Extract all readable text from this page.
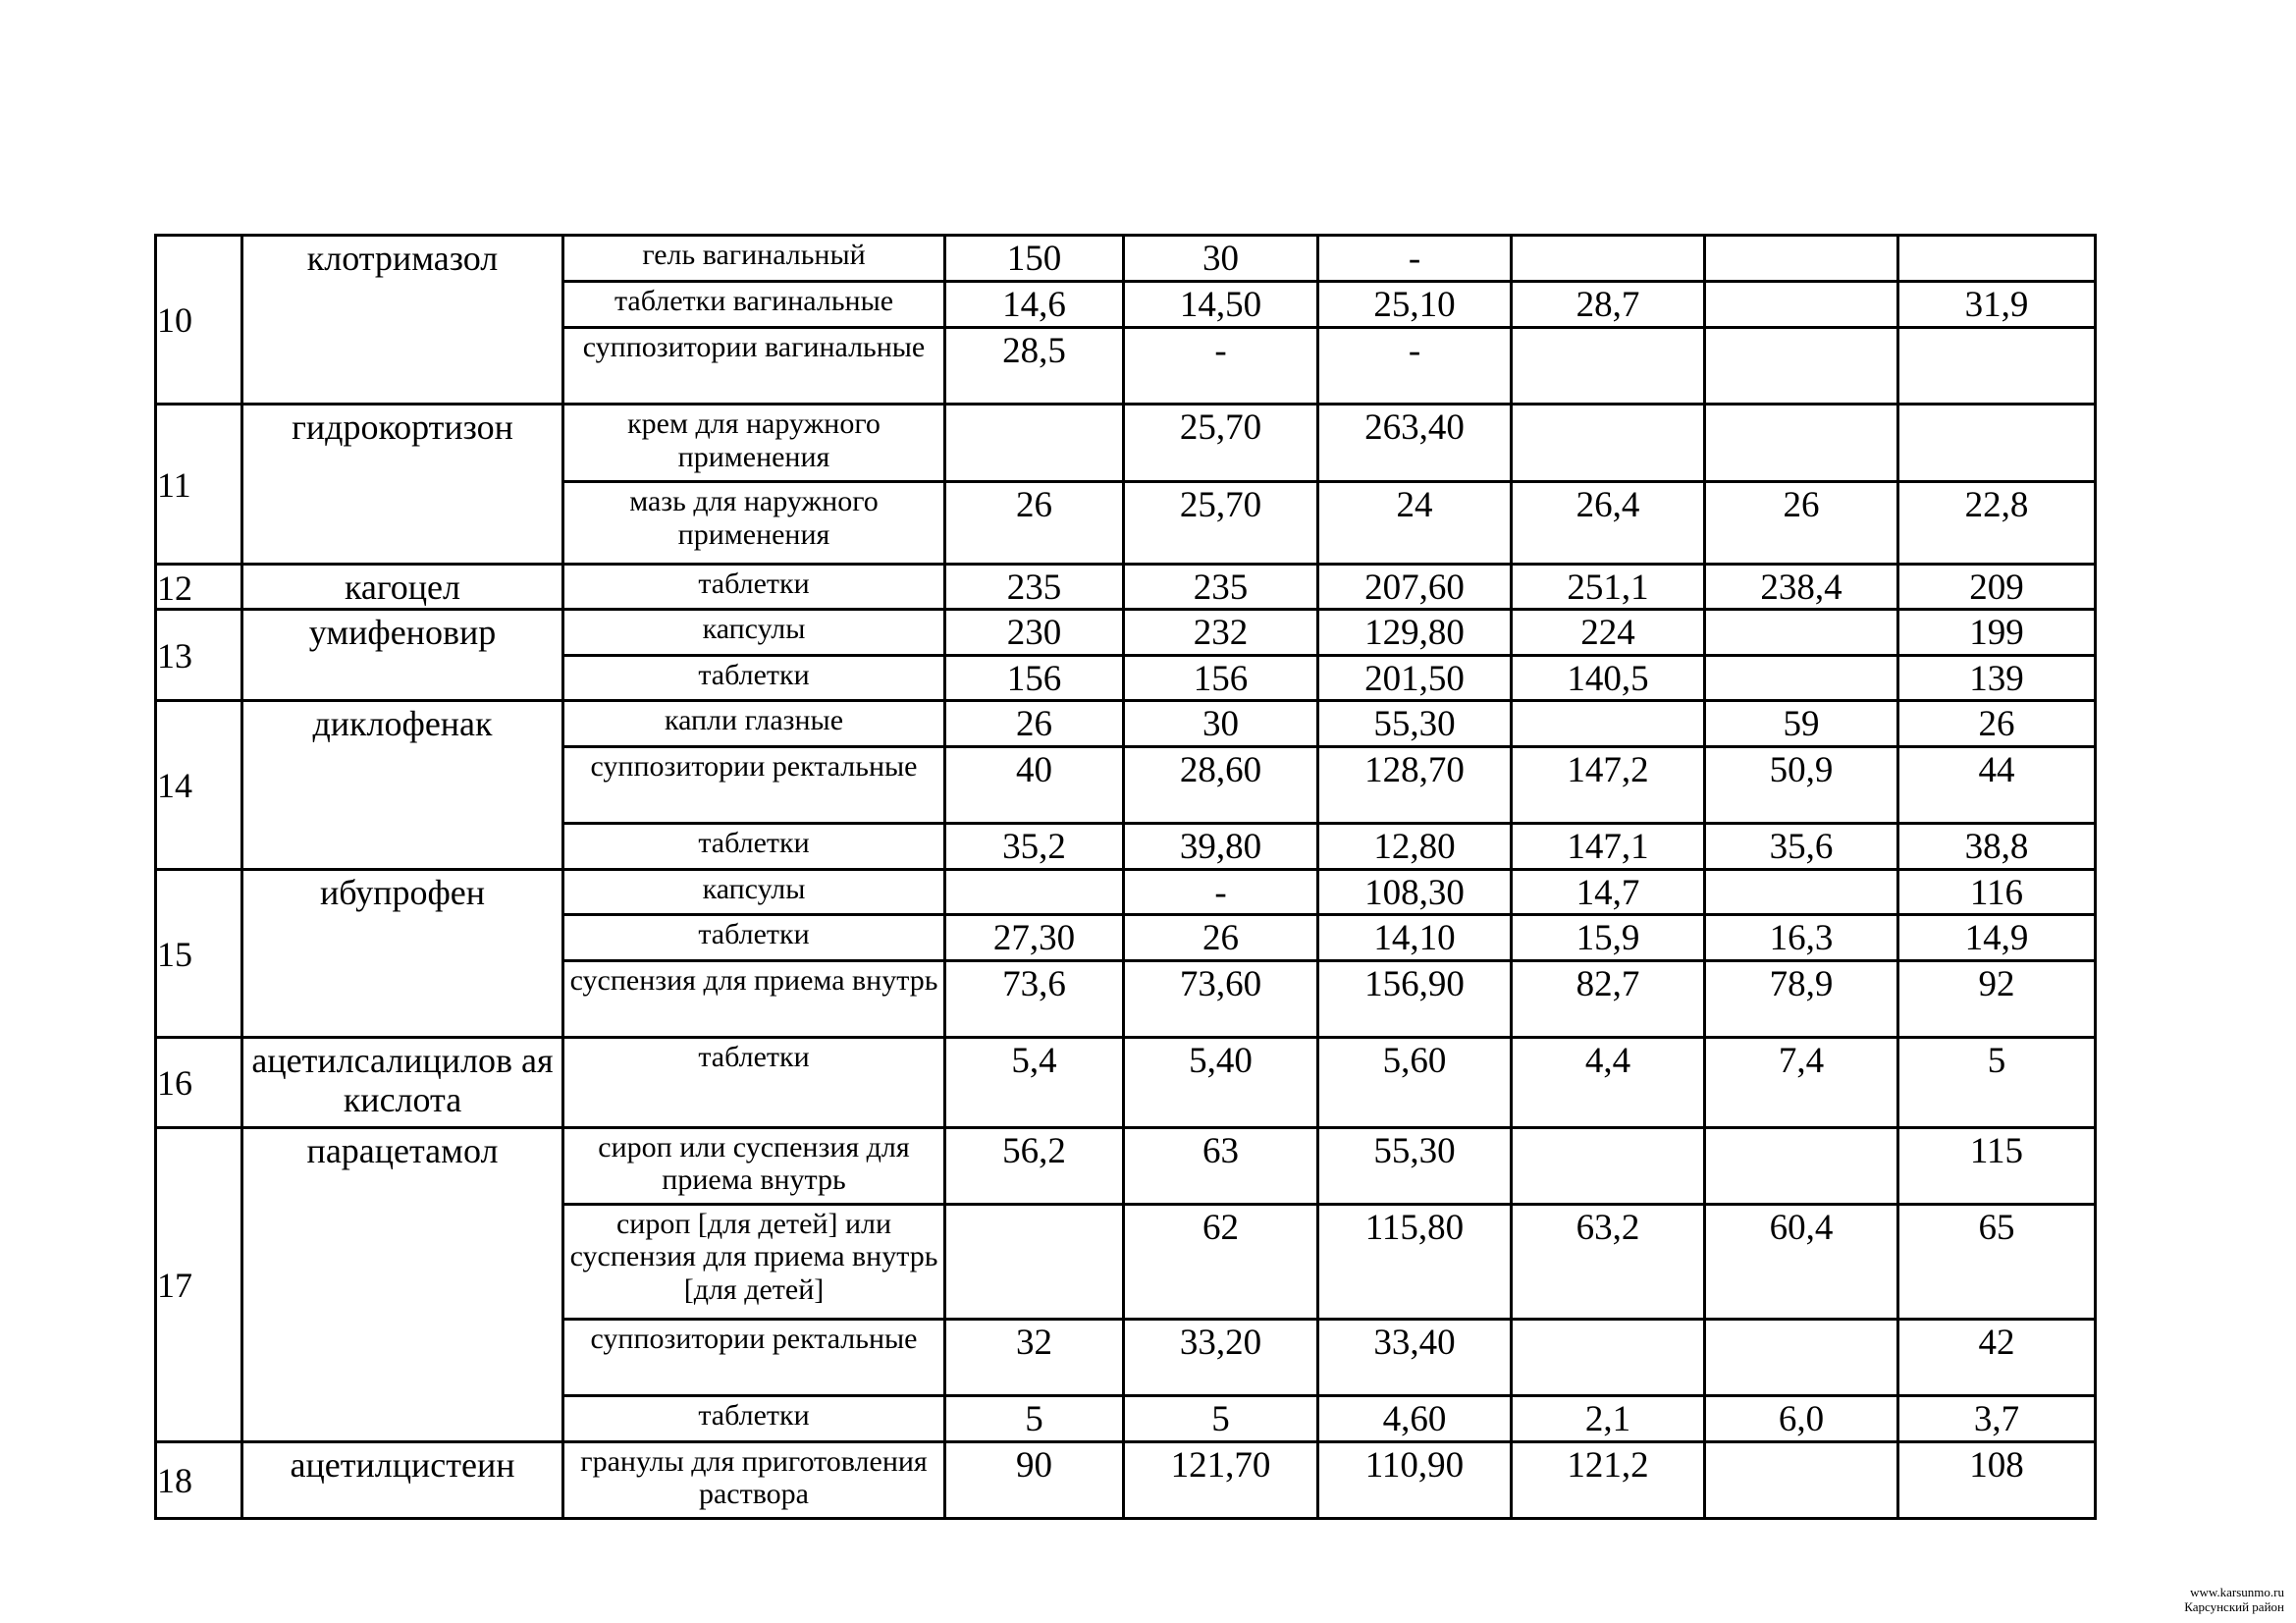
10	клотримазол	гель вагинальный	150	30	-			
		таблетки вагинальные	14,6	14,50	25,10	28,7		31,9
		суппозитории вагинальные	28,5	-	-			
11	гидрокортизон	крем для наружного применения		25,70	263,40			
		мазь для наружного применения	26	25,70	24	26,4	26	22,8
12	кагоцел	таблетки	235	235	207,60	251,1	238,4	209
13	умифеновир	капсулы	230	232	129,80	224		199
		таблетки	156	156	201,50	140,5		139
14	диклофенак	капли глазные	26	30	55,30		59	26
		суппозитории ректальные	40	28,60	128,70	147,2	50,9	44
		таблетки	35,2	39,80	12,80	147,1	35,6	38,8
15	ибупрофен	капсулы		-	108,30	14,7		116
		таблетки	27,30	26	14,10	15,9	16,3	14,9
		суспензия для приема внутрь	73,6	73,60	156,90	82,7	78,9	92
16	ацетилсалицилов ая кислота	таблетки	5,4	5,40	5,60	4,4	7,4	5
17	парацетамол	сироп или суспензия для приема внутрь	56,2	63	55,30			115
		сироп [для детей] или суспензия для приема внутрь [для детей]		62	115,80	63,2	60,4	65
		суппозитории ректальные	32	33,20	33,40			42
		таблетки	5	5	4,60	2,1	6,0	3,7
18	ацетилцистеин	гранулы для приготовления раствора	90	121,70	110,90	121,2		108
www.karsunmo.ru
Карсунский район
